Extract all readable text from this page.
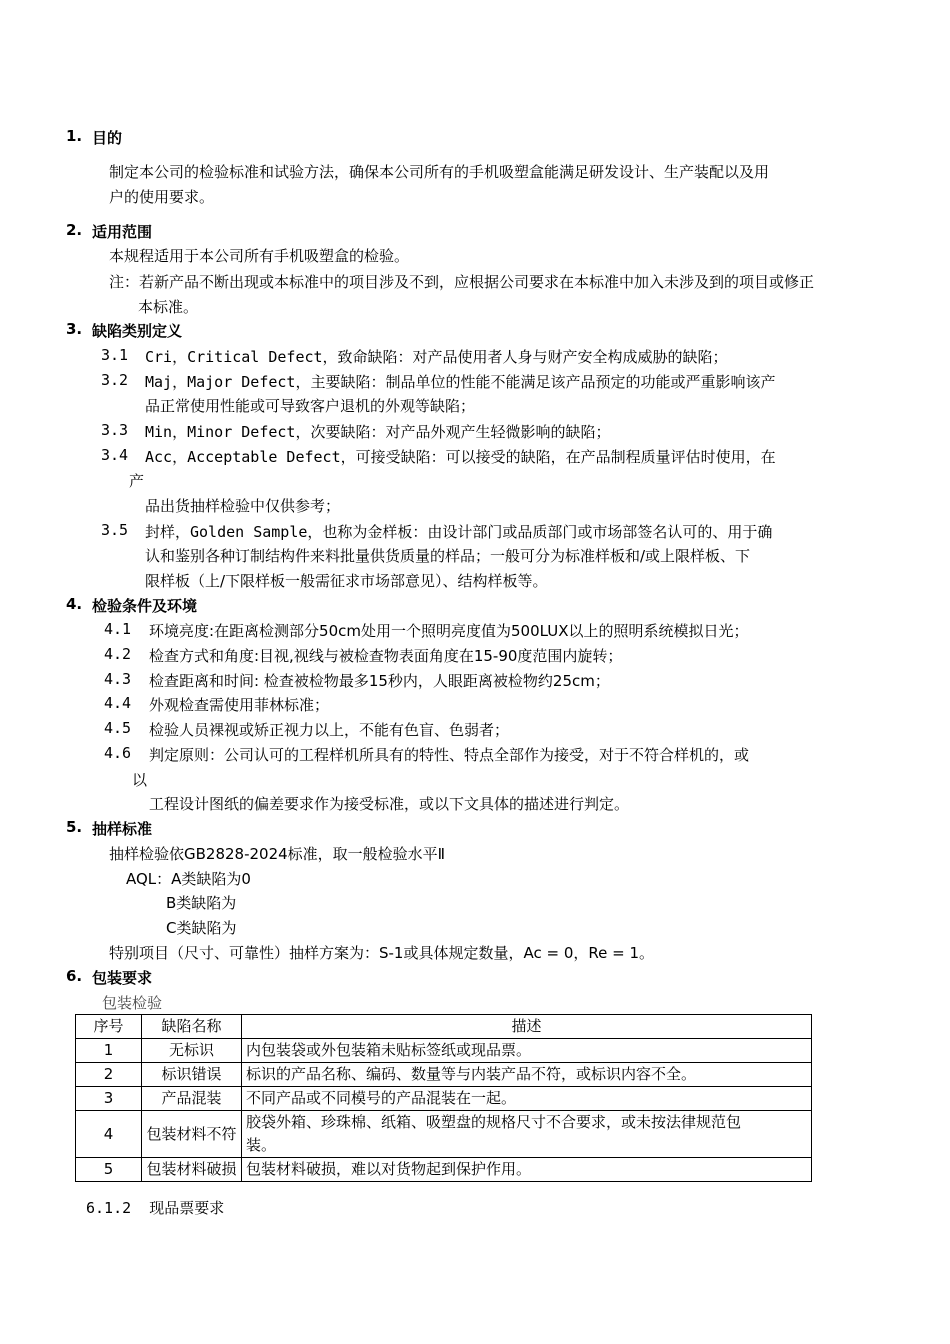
1. 目的
制定本公司的检验标准和试验方法，确保本公司所有的手机吸塑盒能满足研发设计、生产装配以及用
户的使用要求。
2. 适用范围
本规程适用于本公司所有手机吸塑盒的检验。
注：若新产品不断出现或本标准中的项目涉及不到，应根据公司要求在本标准中加入未涉及到的项目或修正
本标准。
3. 缺陷类别定义
3.1 Cri，Critical Defect，致命缺陷：对产品使用者人身与财产安全构成威胁的缺陷；
3.2 Maj，Major Defect，主要缺陷：制品单位的性能不能满足该产品预定的功能或严重影响该产
品正常使用性能或可导致客户退机的外观等缺陷；
3.3 Min，Minor Defect，次要缺陷：对产品外观产生轻微影响的缺陷；
3.4 Acc，Acceptable Defect，可接受缺陷：可以接受的缺陷，在产品制程质量评估时使用，在
产
品出货抽样检验中仅供参考；
3.5 封样，Golden Sample，也称为金样板：由设计部门或品质部门或市场部签名认可的、用于确
认和鉴别各种订制结构件来料批量供货质量的样品；一般可分为标准样板和/或上限样板、下
限样板（上/下限样板一般需征求市场部意见）、结构样板等。
4. 检验条件及环境
4.1 环境亮度:在距离检测部分50cm处用一个照明亮度值为500LUX以上的照明系统模拟日光；
4.2 检查方式和角度:目视,视线与被检查物表面角度在15-90度范围内旋转；
4.3 检查距离和时间: 检查被检物最多15秒内，人眼距离被检物约25cm；
4.4 外观检查需使用菲林标准；
4.5 检验人员裸视或矫正视力以上，不能有色盲、色弱者；
4.6 判定原则：公司认可的工程样机所具有的特性、特点全部作为接受，对于不符合样机的，或
以
工程设计图纸的偏差要求作为接受标准，或以下文具体的描述进行判定。
5. 抽样标准
抽样检验依GB2828-2024标准，取一般检验水平Ⅱ
AQL：A类缺陷为0
B类缺陷为
C类缺陷为
特别项目（尺寸、可靠性）抽样方案为：S-1或具体规定数量，Ac = 0，Re = 1。
6. 包装要求
包装检验
序号	缺陷名称	描述
1	无标识	内包装袋或外包装箱未贴标签纸或现品票。
2	标识错误	标识的产品名称、编码、数量等与内装产品不符，或标识内容不全。
3	产品混装	不同产品或不同模号的产品混装在一起。
4	包装材料不符	胶袋外箱、珍珠棉、纸箱、吸塑盘的规格尺寸不合要求，或未按法律规范包
装。

5	包装材料破损	包装材料破损，难以对货物起到保护作用。
6.1.2  现品票要求
